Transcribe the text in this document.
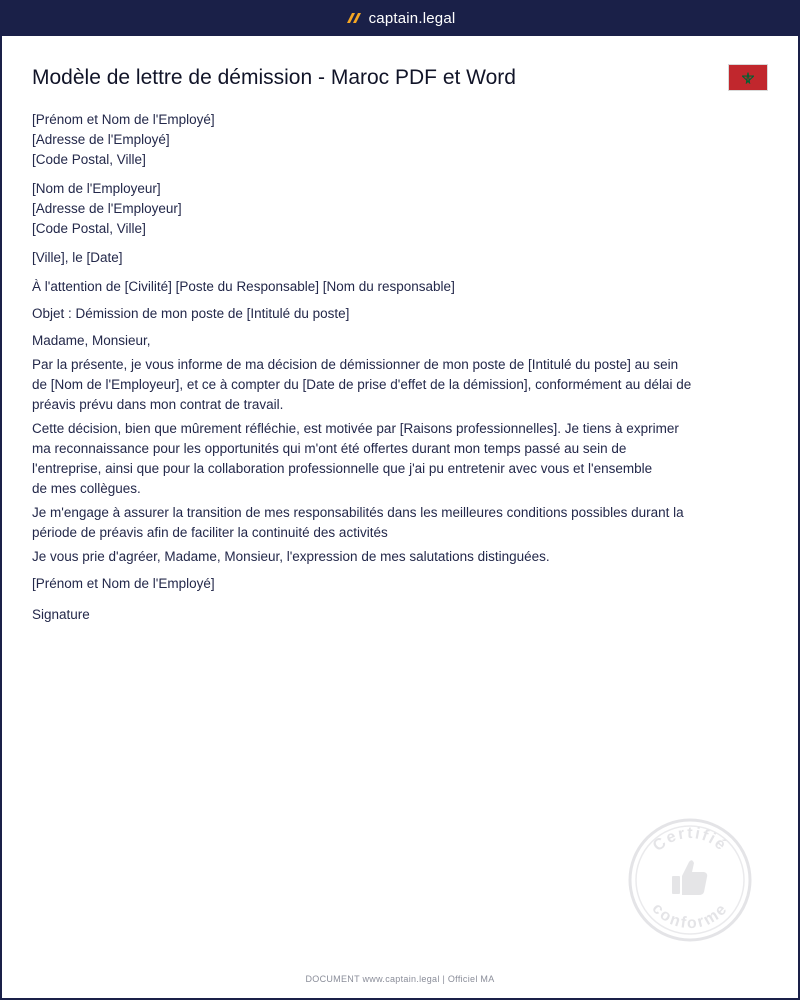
captain.legal
Modèle de lettre de démission - Maroc PDF et Word
[Prénom et Nom de l'Employé]
[Adresse de l'Employé]
[Code Postal, Ville]
[Nom de l'Employeur]
[Adresse de l'Employeur]
[Code Postal, Ville]
[Ville], le [Date]
À l'attention de [Civilité] [Poste du Responsable] [Nom du responsable]
Objet : Démission de mon poste de [Intitulé du poste]
Madame, Monsieur,
Par la présente, je vous informe de ma décision de démissionner de mon poste de [Intitulé du poste] au sein
de [Nom de l'Employeur], et ce à compter du [Date de prise d'effet de la démission], conformément au délai de
préavis prévu dans mon contrat de travail.
Cette décision, bien que mûrement réfléchie, est motivée par [Raisons professionnelles]. Je tiens à exprimer
ma reconnaissance pour les opportunités qui m'ont été offertes durant mon temps passé au sein de
l'entreprise, ainsi que pour la collaboration professionnelle que j'ai pu entretenir avec vous et l'ensemble
de mes collègues.
Je m'engage à assurer la transition de mes responsabilités dans les meilleures conditions possibles durant la
période de préavis afin de faciliter la continuité des activités
Je vous prie d'agréer, Madame, Monsieur, l'expression de mes salutations distinguées.
[Prénom et Nom de l'Employé]
Signature
Certifié
conforme
DOCUMENT www.captain.legal | Officiel MA
